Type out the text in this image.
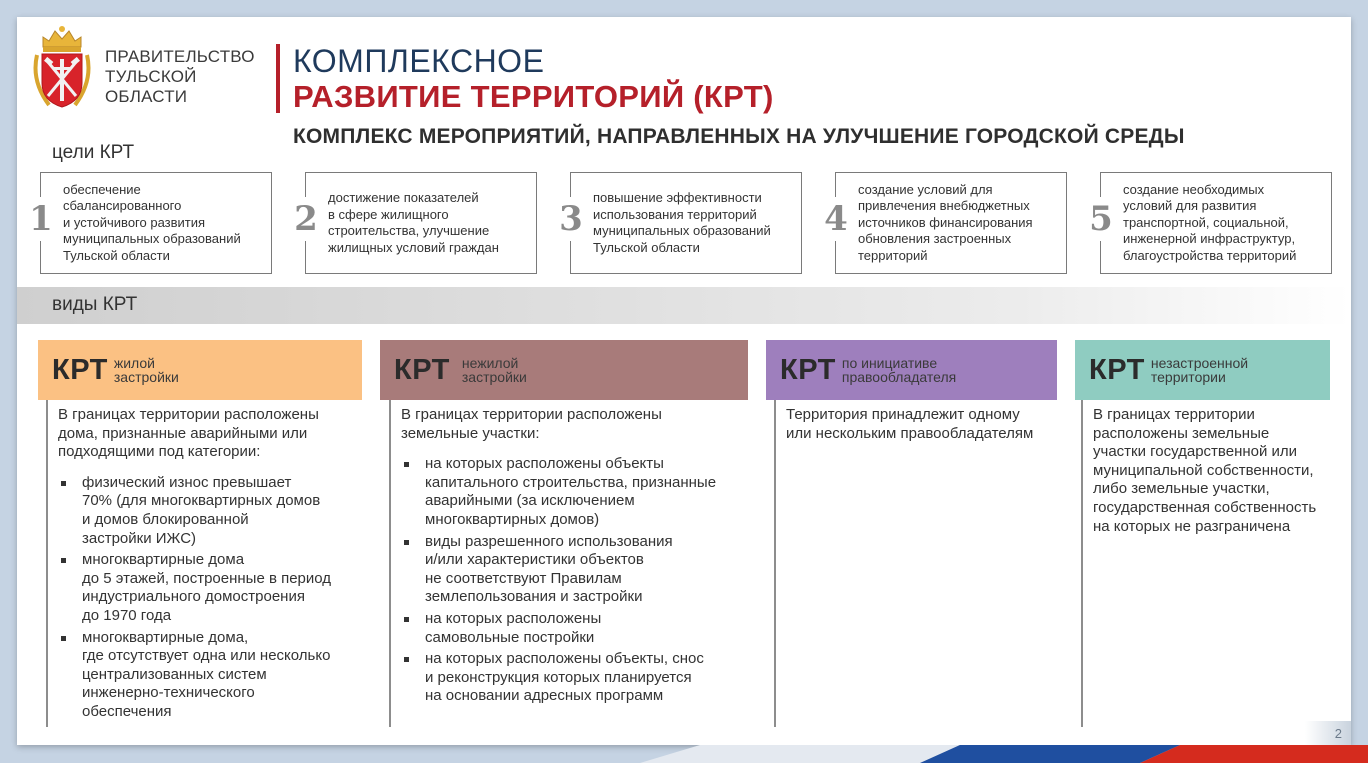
ПРАВИТЕЛЬСТВО
ТУЛЬСКОЙ
ОБЛАСТИ
КОМПЛЕКСНОЕ
РАЗВИТИЕ ТЕРРИТОРИЙ (КРТ)
КОМПЛЕКС МЕРОПРИЯТИЙ, НАПРАВЛЕННЫХ НА УЛУЧШЕНИЕ ГОРОДСКОЙ СРЕДЫ
цели КРТ
1
обеспечение
сбалансированного
и устойчивого развития
муниципальных образований
Тульской области
2
достижение показателей
в сфере жилищного
строительства, улучшение
жилищных условий граждан
3
повышение эффективности
использования территорий
муниципальных образований
Тульской области
4
создание условий для
привлечения внебюджетных
источников финансирования
обновления застроенных
территорий
5
создание необходимых
условий для развития
транспортной, социальной,
инженерной инфраструктур,
благоустройства территорий
виды КРТ
КРТ жилой
застройки
В границах территории расположены
дома, признанные аварийными или
подходящими под категории:
физический износ превышает
70% (для многоквартирных домов
и домов блокированной
застройки ИЖС)
многоквартирные дома
до 5 этажей, построенные в период
индустриального домостроения
до 1970 года
многоквартирные дома,
где отсутствует одна или несколько
централизованных систем
инженерно-технического
обеспечения
КРТ нежилой
застройки
В границах территории расположены
земельные участки:
на которых расположены объекты
капитального строительства, признанные
аварийными (за исключением
многоквартирных домов)
виды разрешенного использования
и/или характеристики объектов
не соответствуют Правилам
землепользования и застройки
на которых расположены
самовольные постройки
на которых расположены объекты, снос
и реконструкция которых планируется
на основании адресных программ
КРТ по инициативе
правообладателя
Территория принадлежит одному
или нескольким правообладателям
КРТ незастроенной
территории
В границах территории
расположены земельные
участки государственной или
муниципальной собственности,
либо земельные участки,
государственная собственность
на которых не разграничена
2
